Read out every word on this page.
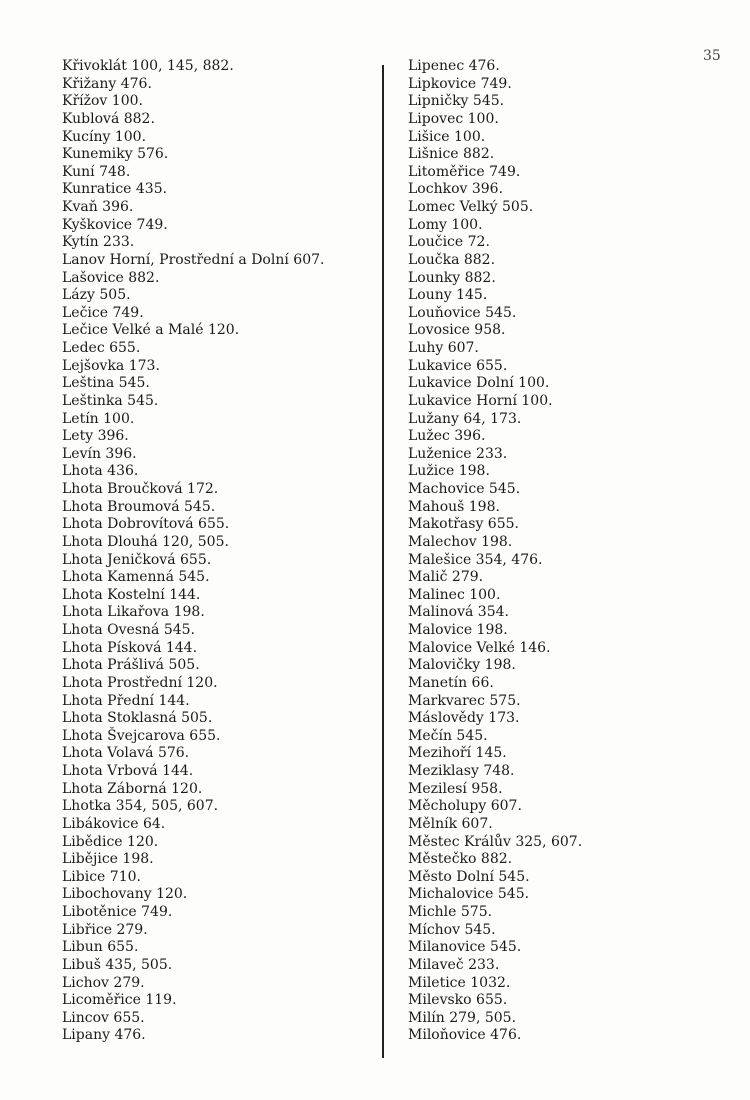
35
Křivoklát 100, 145, 882.
Křižany 476.
Křížov 100.
Kublová 882.
Kucíny 100.
Kunemiky 576.
Kuní 748.
Kunratice 435.
Kvaň 396.
Kyškovice 749.
Kytín 233.
Lanov Horní, Prostřední a Dolní 607.
Lašovice 882.
Lázy 505.
Lečice 749.
Lečice Velké a Malé 120.
Ledec 655.
Lejšovka 173.
Leština 545.
Leštinka 545.
Letín 100.
Lety 396.
Levín 396.
Lhota 436.
Lhota Broučková 172.
Lhota Broumová 545.
Lhota Dobrovítová 655.
Lhota Dlouhá 120, 505.
Lhota Jeničková 655.
Lhota Kamenná 545.
Lhota Kostelní 144.
Lhota Likařova 198.
Lhota Ovesná 545.
Lhota Písková 144.
Lhota Prášlivá 505.
Lhota Prostřední 120.
Lhota Přední 144.
Lhota Stoklasná 505.
Lhota Švejcarova 655.
Lhota Volavá 576.
Lhota Vrbová 144.
Lhota Záborná 120.
Lhotka 354, 505, 607.
Libákovice 64.
Libědice 120.
Libějice 198.
Libice 710.
Libochovany 120.
Libotěnice 749.
Libřice 279.
Libun 655.
Libuš 435, 505.
Lichov 279.
Licoměřice 119.
Lincov 655.
Lipany 476.
Lipenec 476.
Lipkovice 749.
Lipničky 545.
Lipovec 100.
Lišice 100.
Lišnice 882.
Litoměřice 749.
Lochkov 396.
Lomec Velký 505.
Lomy 100.
Loučice 72.
Loučka 882.
Lounky 882.
Louny 145.
Louňovice 545.
Lovosice 958.
Luhy 607.
Lukavice 655.
Lukavice Dolní 100.
Lukavice Horní 100.
Lužany 64, 173.
Lužec 396.
Luženice 233.
Lužice 198.
Machovice 545.
Mahouš 198.
Makotřasy 655.
Malechov 198.
Malešice 354, 476.
Malič 279.
Malinec 100.
Malinová 354.
Malovice 198.
Malovice Velké 146.
Malovičky 198.
Manetín 66.
Markvarec 575.
Máslovědy 173.
Mečín 545.
Mezihoří 145.
Meziklasy 748.
Mezilesí 958.
Měcholupy 607.
Mělník 607.
Městec Králův 325, 607.
Městečko 882.
Město Dolní 545.
Michalovice 545.
Michle 575.
Míchov 545.
Milanovice 545.
Milaveč 233.
Miletice 1032.
Milevsko 655.
Milín 279, 505.
Miloňovice 476.
